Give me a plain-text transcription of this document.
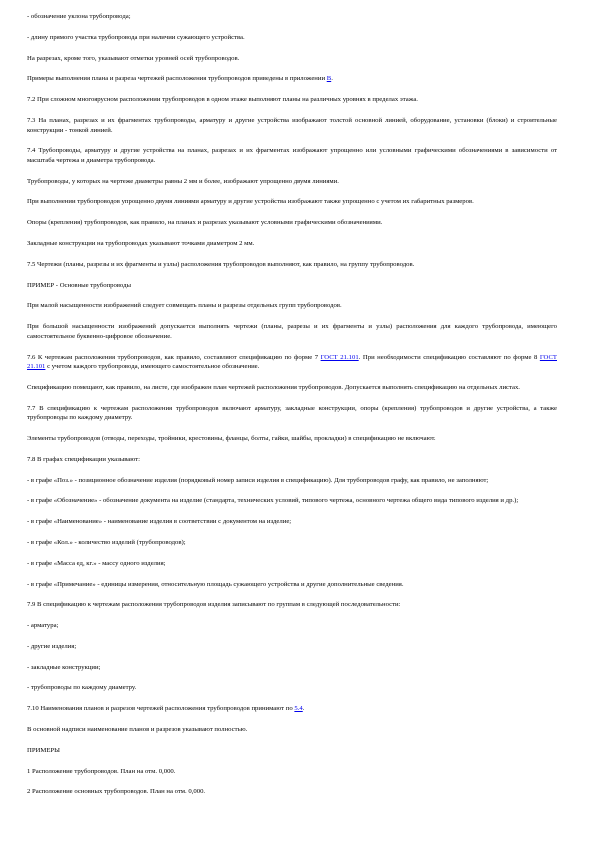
- обозначение уклона трубопровода;

- длину прямого участка трубопровода при наличии сужающего устройства.

На разрезах, кроме того, указывают отметки уровней осей трубопроводов.

Примеры выполнения плана и разреза чертежей расположения трубопроводов приведены в приложении В.

7.2 При сложном многоярусном расположении трубопроводов в одном этаже выполняют планы на различных уровнях в пределах этажа.

7.3 На планах, разрезах и их фрагментах трубопроводы, арматуру и другие устройства изображают толстой основной линией, оборудование, установки (блоки) и строительные конструкции - тонкой линией.

7.4 Трубопроводы, арматуру и другие устройства на планах, разрезах и их фрагментах изображают упрощенно или условными графическими обозначениями в зависимости от масштаба чертежа и диаметра трубопровода.

Трубопроводы, у которых на чертеже диаметры равны 2 мм и более, изображают упрощенно двумя линиями.

При выполнении трубопроводов упрощенно двумя линиями арматуру и другие устройства изображают также упрощенно с учетом их габаритных размеров.

Опоры (крепления) трубопроводов, как правило, на планах и разрезах указывают условными графическими обозначениями.

Закладные конструкции на трубопроводах указывают точками диаметром 2 мм.

7.5 Чертежи (планы, разрезы и их фрагменты и узлы) расположения трубопроводов выполняют, как правило, на группу трубопроводов.

ПРИМЕР - Основные трубопроводы

При малой насыщенности изображений следует совмещать планы и разрезы отдельных групп трубопроводов.

При большой насыщенности изображений допускается выполнять чертежи (планы, разрезы и их фрагменты и узлы) расположения для каждого трубопровода, имеющего самостоятельное буквенно-цифровое обозначение.

7.6 К чертежам расположения трубопроводов, как правило, составляют спецификацию по форме 7 ГОСТ 21.101. При необходимости спецификацию составляют по форме 8 ГОСТ 21.101 с учетом каждого трубопровода, имеющего самостоятельное обозначение.

Спецификацию помещают, как правило, на листе, где изображен план чертежей расположения трубопроводов. Допускается выполнять спецификацию на отдельных листах.

7.7 В спецификацию к чертежам расположения трубопроводов включают арматуру, закладные конструкции, опоры (крепления) трубопроводов и другие устройства, а также трубопроводы по каждому диаметру.

Элементы трубопроводов (отводы, переходы, тройники, крестовины, фланцы, болты, гайки, шайбы, прокладки) в спецификацию не включают.

7.8 В графах спецификации указывают:

- в графе «Поз.» - позиционное обозначение изделия (порядковый номер записи изделия в спецификацию). Для трубопроводов графу, как правило, не заполняют;

- в графе «Обозначение» - обозначение документа на изделие (стандарта, технических условий, типового чертежа, основного чертежа общего вида типового изделия и др.);

- в графе «Наименование» - наименование изделия в соответствии с документом на изделие;

- в графе «Кол.» - количество изделий (трубопроводов);

- в графе «Масса ед, кг.» - массу одного изделия;

- в графе «Примечание» - единицы измерения, относительную площадь сужающего устройства и другие дополнительные сведения.

7.9 В спецификацию к чертежам расположения трубопроводов изделия записывают по группам в следующей последовательности:

- арматура;

- другие изделия;

- закладные конструкции;

- трубопроводы по каждому диаметру.

7.10 Наименования планов и разрезов чертежей расположения трубопроводов принимают по 5.4.

В основной надписи наименование планов и разрезов указывают полностью.

ПРИМЕРЫ

1 Расположение трубопроводов. План на отм. 0,000.

2 Расположение основных трубопроводов. План на отм. 0,000.
